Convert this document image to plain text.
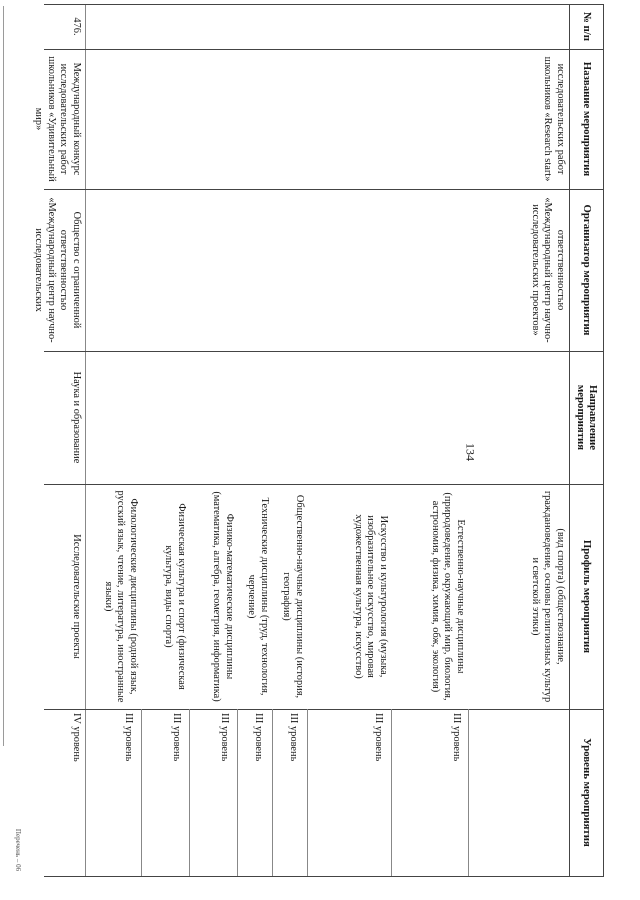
134
Перечень – 06
№ п/п
Название мероприятия
Организатор мероприятия
Направление мероприятия
Профиль мероприятия
Уровень мероприятия
исследовательских работ школьников «Research start»
ответственностью «Международный центр научно-исследовательских проектов»
(вид спорта) (обществознание, граждановедение, основы религиозных культур и светской этики)
Естественно-научные дисциплины (природоведение, окружающий мир, биология, астрономия, физика, химия, обж, экология)
III уровень
Искусство и культурология (музыка, изобразительное искусство, мировая художественная культура, искусство)
III уровень
Общественно-научные дисциплины (история, география)
III уровень
Технические дисциплины (труд, технология, черчение)
III уровень
Физико-математические дисциплины (математика, алгебра, геометрия, информатика)
III уровень
Физическая культура и спорт (физическая культура, виды спорта)
III уровень
Филологические дисциплины (родной язык, русский язык, чтение, литература, иностранные языки)
III уровень
476.
Международный конкурс исследовательских работ школьников «Удивительный мир»
Общество с ограниченной ответственностью «Международный центр научно-исследовательских
Наука и образование
Исследовательские проекты
IV уровень
